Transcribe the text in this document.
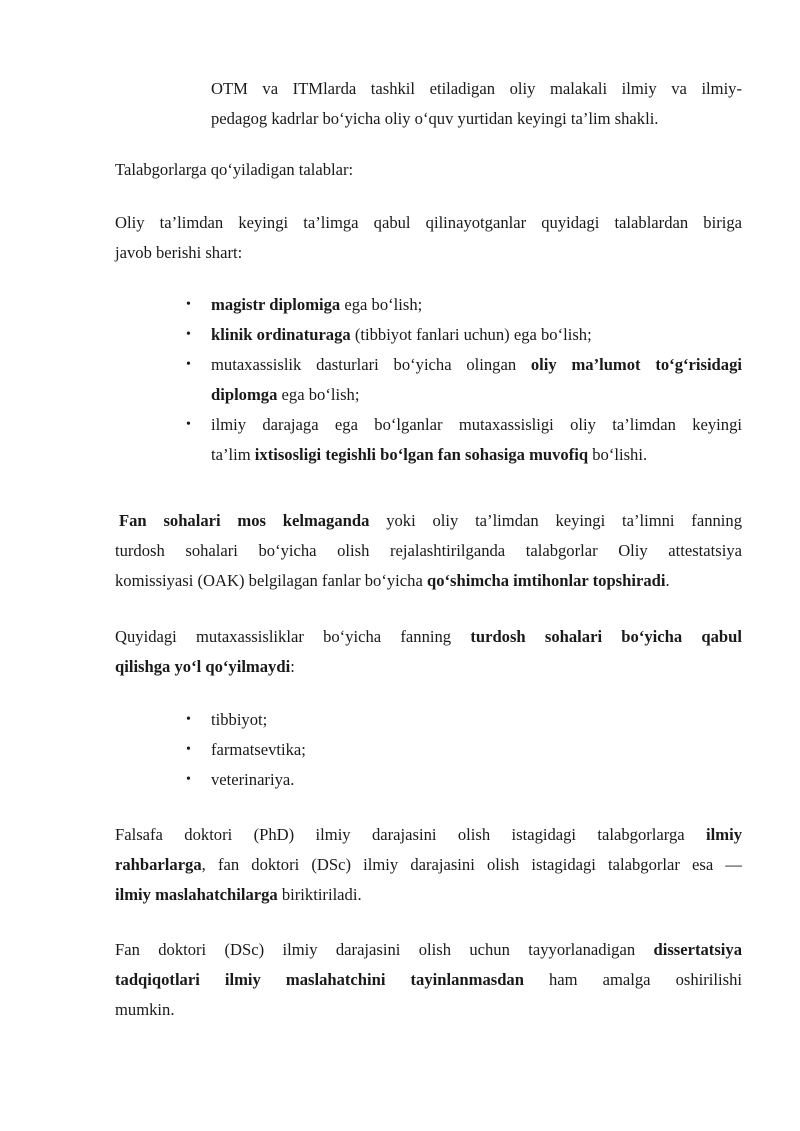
OTM va ITMlarda tashkil etiladigan oliy malakali ilmiy va ilmiy-
pedagog kadrlar bo‘yicha oliy o‘quv yurtidan keyingi ta’lim shakli.

Talabgorlarga qo‘yiladigan talablar:

Oliy ta’limdan keyingi ta’limga qabul qilinayotganlar quyidagi talablardan biriga
javob berishi shart:

•	magistr diplomiga ega bo‘lish;
•	klinik ordinaturaga (tibbiyot fanlari uchun) ega bo‘lish;
•	mutaxassislik dasturlari bo‘yicha olingan oliy ma’lumot to‘g‘risidagi
diplomga ega bo‘lish;
•	ilmiy darajaga ega bo‘lganlar mutaxassisligi oliy ta’limdan keyingi
ta’lim ixtisosligi tegishli bo‘lgan fan sohasiga muvofiq bo‘lishi.

Fan sohalari mos kelmaganda yoki oliy ta’limdan keyingi ta’limni fanning
turdosh sohalari bo‘yicha olish rejalashtirilganda talabgorlar Oliy attestatsiya
komissiyasi (OAK) belgilagan fanlar bo‘yicha qo‘shimcha imtihonlar topshiradi.

Quyidagi mutaxassisliklar bo‘yicha fanning turdosh sohalari bo‘yicha qabul
qilishga yo‘l qo‘yilmaydi:

•	tibbiyot;
•	farmatsevtika;
•	veterinariya.

Falsafa doktori (PhD) ilmiy darajasini olish istagidagi talabgorlarga ilmiy
rahbarlarga, fan doktori (DSc) ilmiy darajasini olish istagidagi talabgorlar esa —
ilmiy maslahatchilarga biriktiriladi.

Fan doktori (DSc) ilmiy darajasini olish uchun tayyorlanadigan dissertatsiya
tadqiqotlari ilmiy maslahatchini tayinlanmasdan ham amalga oshirilishi
mumkin.
